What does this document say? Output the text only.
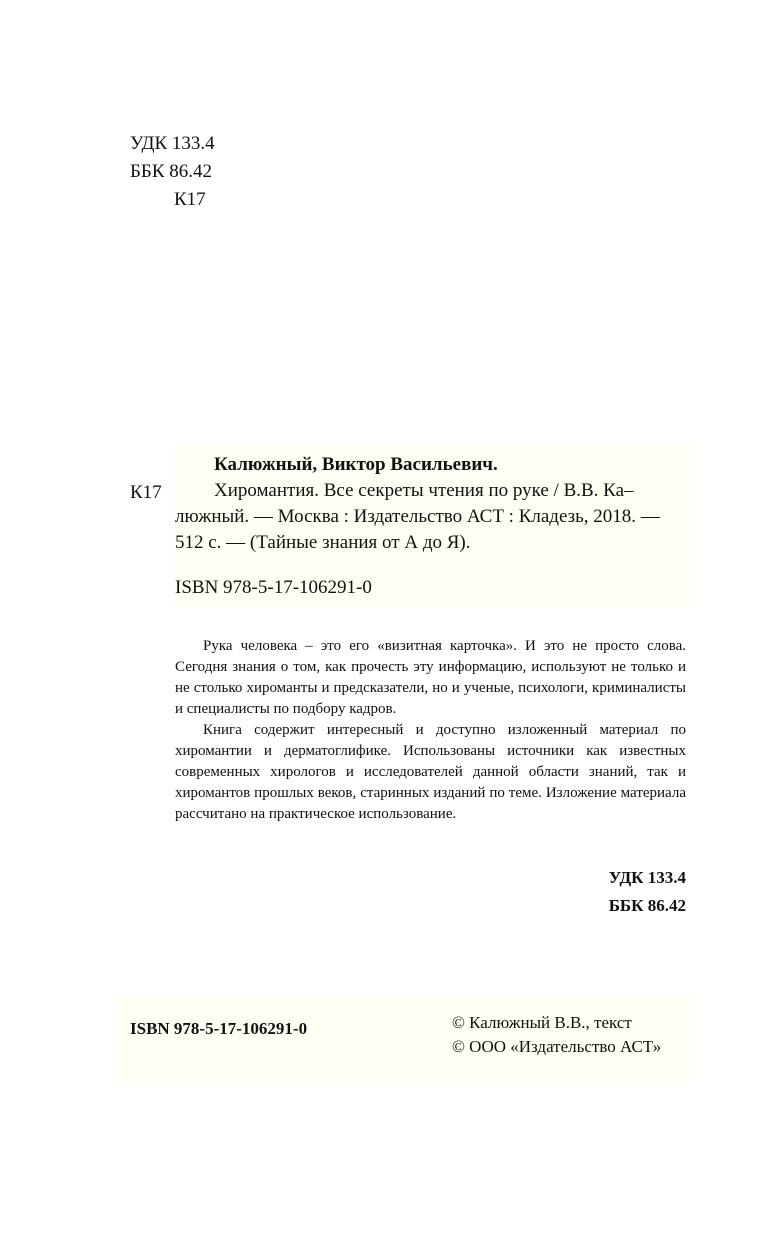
УДК 133.4
ББК 86.42
К17
К17
Калюжный, Виктор Васильевич.
Хиромантия. Все секреты чтения по руке / В.В. Ка–
люжный. — Москва : Издательство АСТ : Кладезь, 2018. —
512 с. — (Тайные знания от А до Я).
ISBN 978-5-17-106291-0

Рука человека – это его «визитная карточка». И это не просто слова. Сегодня знания о том, как прочесть эту информацию, используют не только и не столько хироманты и предсказатели, но и ученые, психологи, криминалисты и специалисты по подбору кадров.

Книга содержит интересный и доступно изложенный материал по хиромантии и дерматоглифике. Использованы источники как известных современных хирологов и исследователей данной области знаний, так и хиромантов прошлых веков, старинных изданий по теме. Изложение материала рассчитано на практическое использование.

УДК 133.4
ББК 86.42
ISBN 978-5-17-106291-0	© Калюжный В.В., текст
© ООО «Издательство АСТ»
